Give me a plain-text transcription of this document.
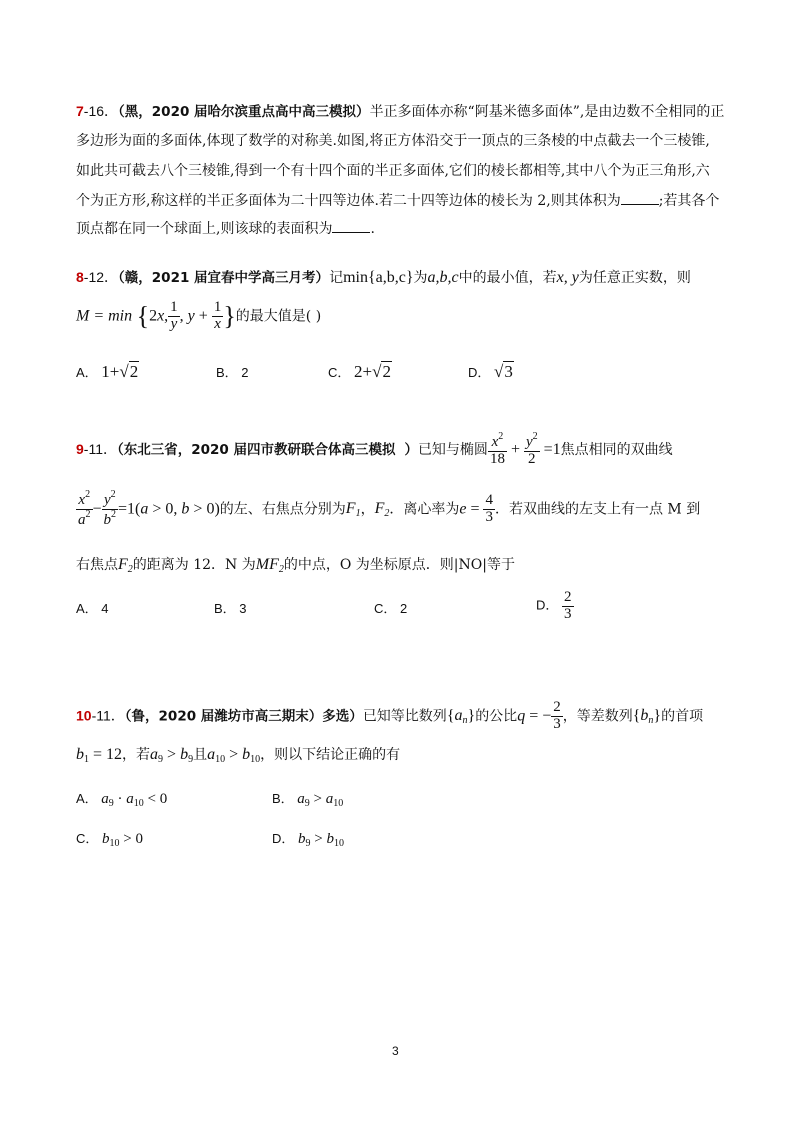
7-16．（黑，2020 届哈尔滨重点高中高三模拟）半正多面体亦称“阿基米德多面体”,是由边数不全相同的正
多边形为面的多面体,体现了数学的对称美.如图,将正方体沿交于一顶点的三条棱的中点截去一个三棱锥,
如此共可截去八个三棱锥,得到一个有十四个面的半正多面体,它们的棱长都相等,其中八个为正三角形,六
个为正方形,称这样的半正多面体为二十四等边体.若二十四等边体的棱长为 2,则其体积为	;若其各个
顶点都在同一个球面上,则该球的表面积为	.
8-12．（赣，2021 届宜春中学高三月考）记min{a,b,c}为a,b,c中的最小值，若x, y为任意正实数，则
M = min {2x, $\frac{1}{y}$ , $y + \frac{1}{x}$ }的最大值是( )
A． 1+√2	B． 2	C． 2+√2	D． √3
9-11．（东北三省，2020 届四市教研联合体高三模拟 ）已知与椭圆 $\frac{x^2}{18} + \frac{y^2}{2} =1$焦点相同的双曲线
$\frac{x^2}{a^2} - \frac{y^2}{b^2} =1(a > 0$, b > 0)的左、右焦点分别为$F_1$，$F_2$．离心率为$e = \frac{4}{3}$ ．若双曲线的左支上有一点 M 到
右焦点$F_2$的距离为 12．N 为$MF_2$的中点，O 为坐标原点．则|NO|等于
A． 4	B． 3	C． 2	D． $\frac{2}{3}$
10-11．（鲁，2020 届潍坊市高三期末）多选）已知等比数列$\{a_n\}$的公比q = − $\frac{2}{3}$ ，等差数列$\{b_n\}$的首项
$b_1 = 12$，若$a_9 > b_9$且$a_{10} > b_{10}$，则以下结论正确的有
A． $a_9 \cdot a_{10} < 0$	B． $a_9 > a_{10}$
C． $b_{10} > 0$	D． $b_9 > b_{10}$
3
